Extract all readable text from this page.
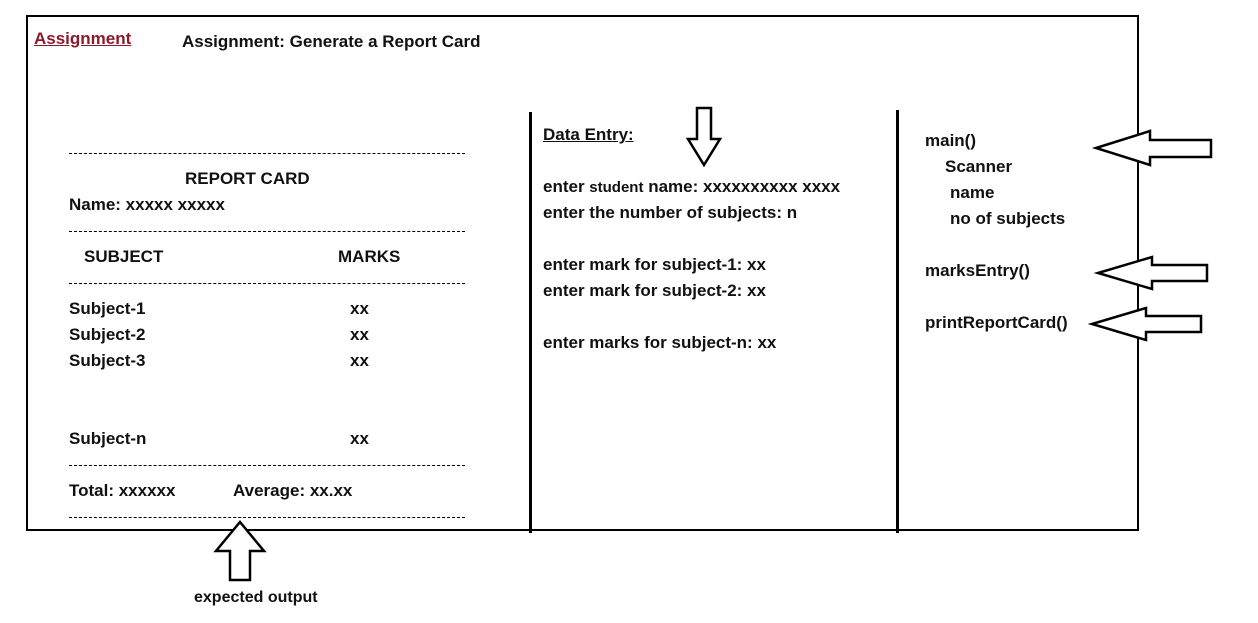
Assignment	Assignment: Generate a Report Card
REPORT CARD
Name: xxxxx xxxxx
SUBJECT	MARKS
Subject-1	xx
Subject-2	xx
Subject-3	xx
Subject-n	xx
Total: xxxxxx	Average: xx.xx
expected output
Data Entry:
enter student name: xxxxxxxxxx xxxx
enter the number of subjects: n
enter mark for subject-1: xx
enter mark for subject-2: xx
enter marks for subject-n: xx
main()
Scanner
name
no of subjects
marksEntry()
printReportCard()
